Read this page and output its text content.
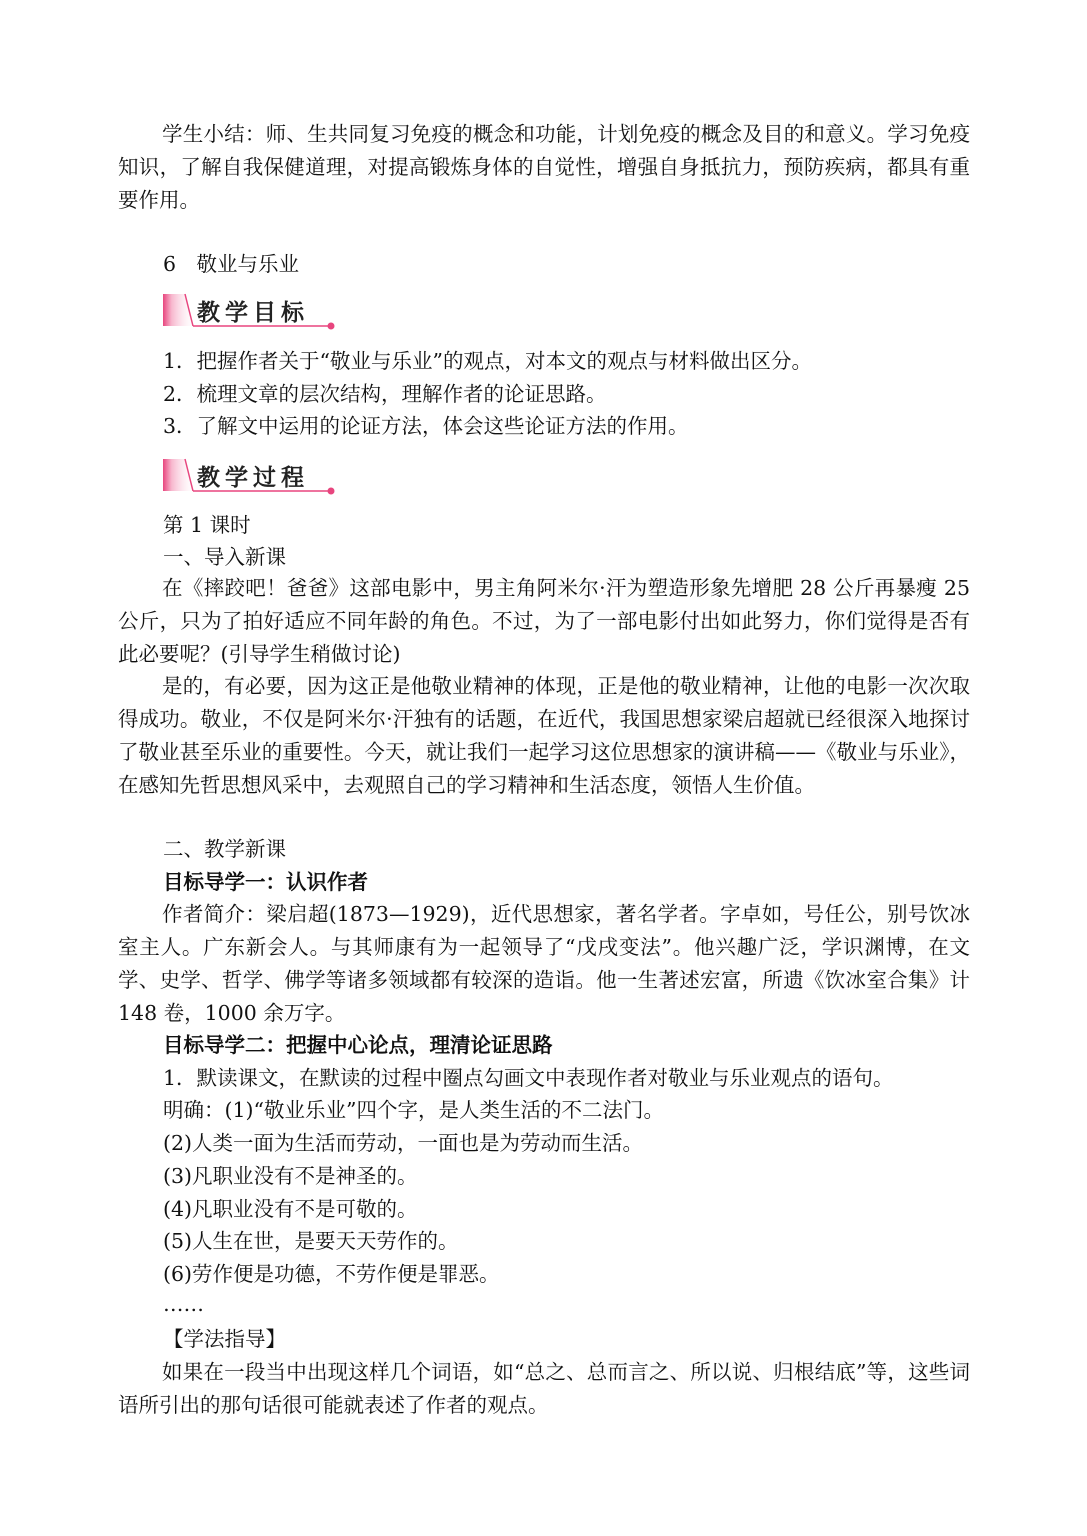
学生小结：师、生共同复习免疫的概念和功能，计划免疫的概念及目的和意义。学习免疫知识，了解自我保健道理，对提高锻炼身体的自觉性，增强自身抵抗力，预防疾病，都具有重要作用。

6　敬业与乐业
教学目标
1．把握作者关于“敬业与乐业”的观点，对本文的观点与材料做出区分。
2．梳理文章的层次结构，理解作者的论证思路。
3．了解文中运用的论证方法，体会这些论证方法的作用。
教学过程
第 1 课时
一、导入新课

在《摔跤吧！爸爸》这部电影中，男主角阿米尔·汗为塑造形象先增肥 28 公斤再暴瘦 25 公斤，只为了拍好适应不同年龄的角色。不过，为了一部电影付出如此努力，你们觉得是否有此必要呢？(引导学生稍做讨论)

是的，有必要，因为这正是他敬业精神的体现，正是他的敬业精神，让他的电影一次次取得成功。敬业，不仅是阿米尔·汗独有的话题，在近代，我国思想家梁启超就已经很深入地探讨了敬业甚至乐业的重要性。今天，就让我们一起学习这位思想家的演讲稿——《敬业与乐业》，在感知先哲思想风采中，去观照自己的学习精神和生活态度，领悟人生价值。

二、教学新课
目标导学一：认识作者

作者简介：梁启超(1873—1929)，近代思想家，著名学者。字卓如，号任公，别号饮冰室主人。广东新会人。与其师康有为一起领导了“戊戌变法”。他兴趣广泛，学识渊博，在文学、史学、哲学、佛学等诸多领域都有较深的造诣。他一生著述宏富，所遗《饮冰室合集》计 148 卷，1000 余万字。

目标导学二：把握中心论点，理清论证思路
1．默读课文，在默读的过程中圈点勾画文中表现作者对敬业与乐业观点的语句。
明确：(1)“敬业乐业”四个字，是人类生活的不二法门。
(2)人类一面为生活而劳动，一面也是为劳动而生活。
(3)凡职业没有不是神圣的。
(4)凡职业没有不是可敬的。
(5)人生在世，是要天天劳作的。
(6)劳作便是功德，不劳作便是罪恶。
……
【学法指导】

如果在一段当中出现这样几个词语，如“总之、总而言之、所以说、归根结底”等，这些词语所引出的那句话很可能就表述了作者的观点。
